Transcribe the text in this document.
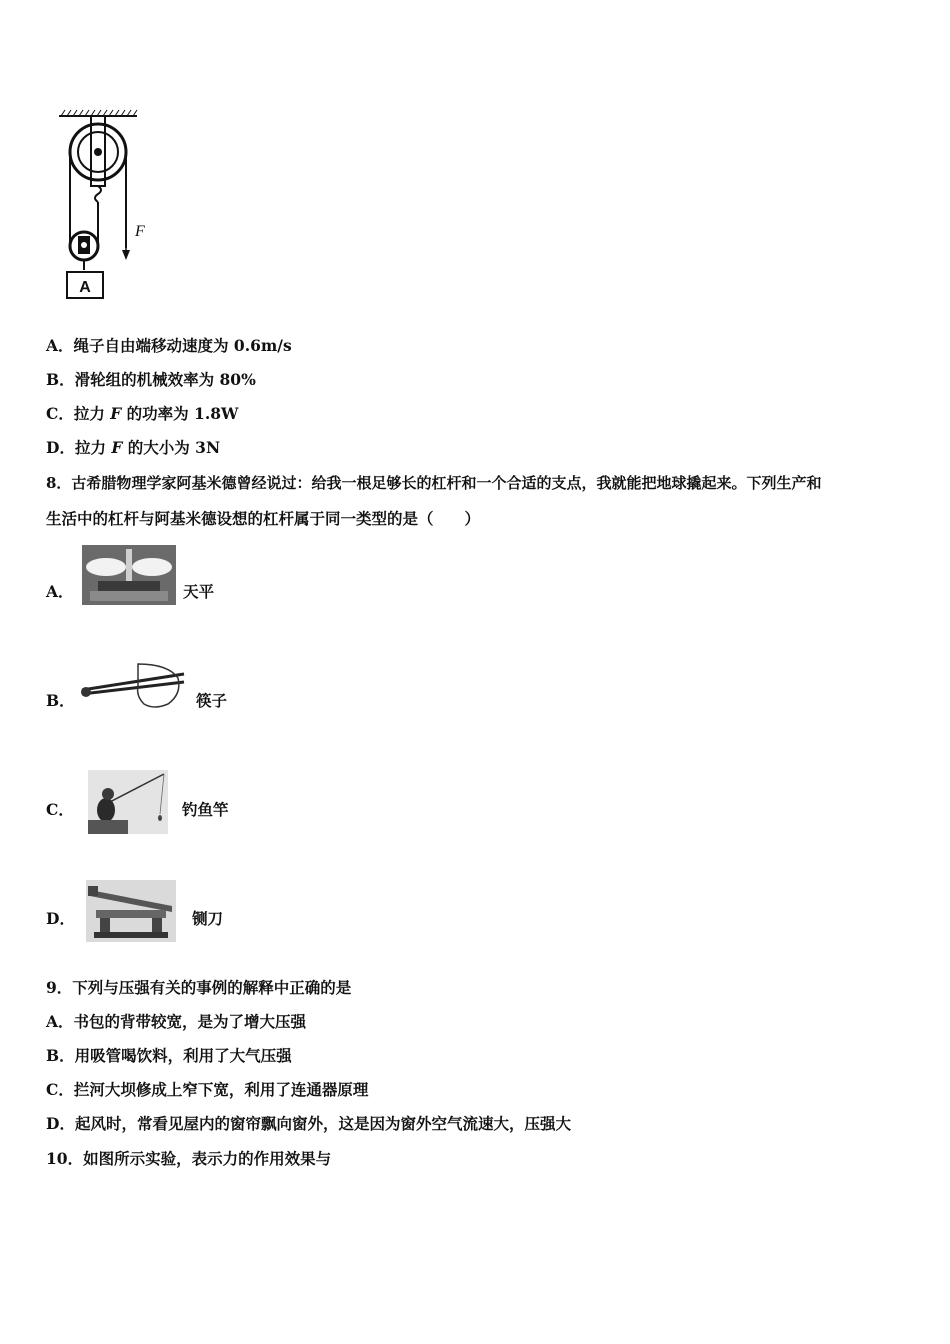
A
F
A．绳子自由端移动速度为 0.6m/s
B．滑轮组的机械效率为 80%
C．拉力 F 的功率为 1.8W
D．拉力 F 的大小为 3N
8．古希腊物理学家阿基米德曾经说过：给我一根足够长的杠杆和一个合适的支点，我就能把地球撬起来。下列生产和
生活中的杠杆与阿基米德设想的杠杆属于同一类型的是（　　）
A．	天平
B．	筷子
C．	钓鱼竿
D．	铡刀
9．下列与压强有关的事例的解释中正确的是
A．书包的背带较宽，是为了增大压强
B．用吸管喝饮料，利用了大气压强
C．拦河大坝修成上窄下宽，利用了连通器原理
D．起风时，常看见屋内的窗帘飘向窗外，这是因为窗外空气流速大，压强大
10．如图所示实验，表示力的作用效果与
